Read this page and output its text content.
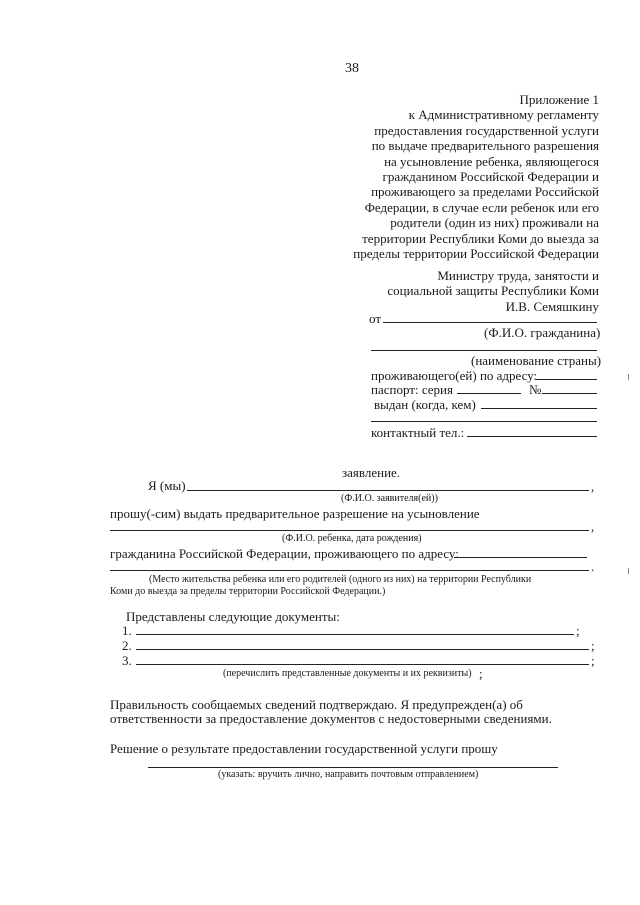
38
Приложение 1
к Административному регламенту
предоставления государственной услуги
по выдаче предварительного разрешения
на усыновление ребенка, являющегося
гражданином Российской Федерации и
проживающего за пределами Российской
Федерации, в случае если ребенок или его
родители (один из них) проживали на
территории Республики Коми до выезда за
пределы территории Российской Федерации
Министру труда, занятости и
социальной защиты Республики Коми
И.В. Семяшкину
от
(Ф.И.О. гражданина)
(наименование страны)
проживающего(ей) по адресу:
паспорт: серия	№
выдан (когда, кем)
контактный тел.:
заявление.
Я (мы)	,
(Ф.И.О. заявителя(ей))
прошу(-сим) выдать предварительное разрешение на усыновление
,
(Ф.И.О. ребенка, дата рождения)
гражданина Российской Федерации, проживающего по адресу:
.
(Место жительства ребенка или его родителей (одного из них) на территории Республики
Коми до выезда за пределы территории Российской Федерации.)
Представлены следующие документы:
1.	;
2.	;
3.	;
(перечислить представленные документы и их реквизиты) ;
Правильность сообщаемых сведений подтверждаю. Я предупрежден(а) об
ответственности за предоставление документов с недостоверными сведениями.
Решение о результате предоставлении государственной услуги прошу
(указать: вручить лично, направить почтовым отправлением)
